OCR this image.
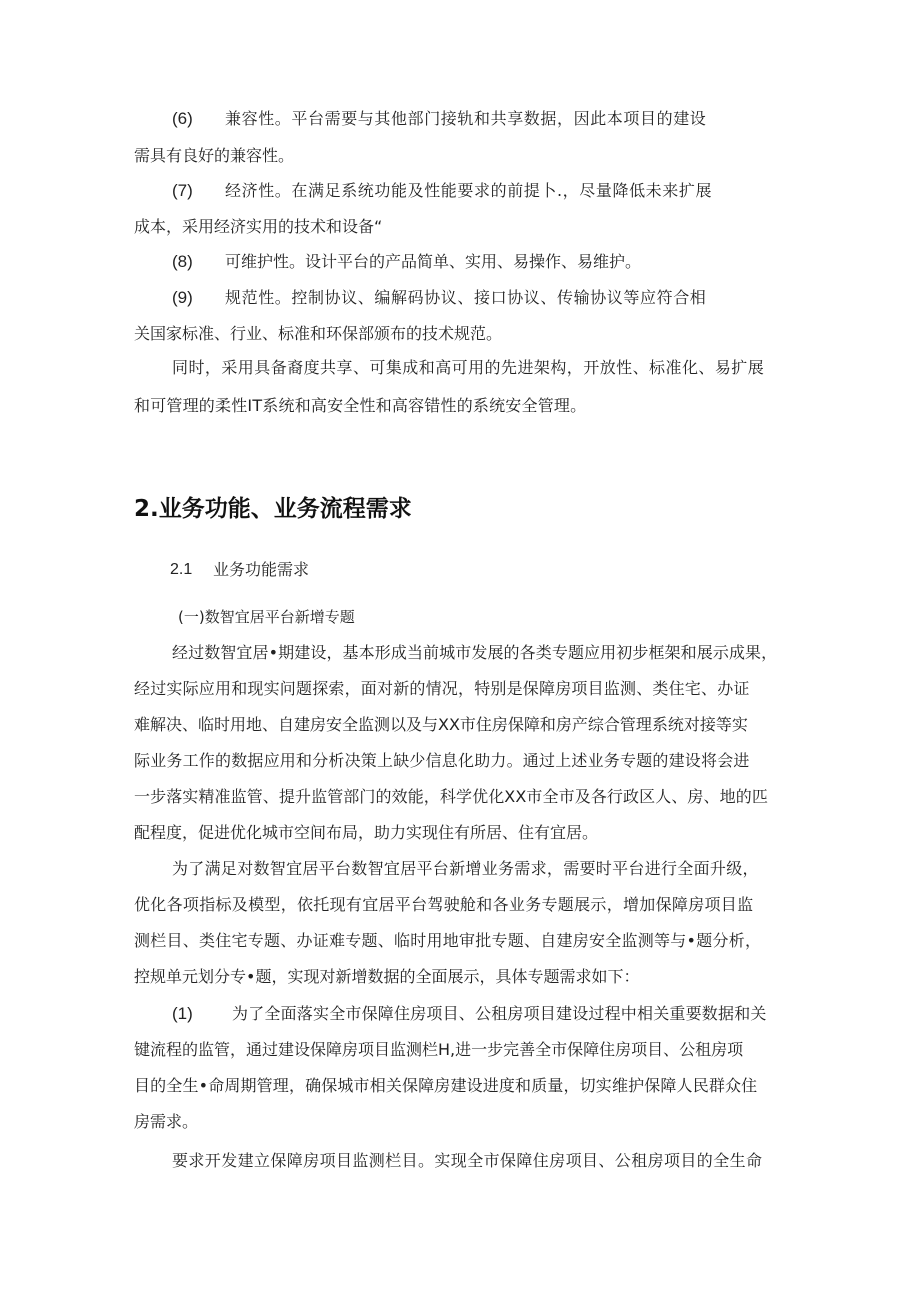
(6) 兼容性。平台需要与其他部门接轨和共享数据，因此本项目的建设

需具有良好的兼容性。

(7) 经济性。在满足系统功能及性能要求的前提卜.，尽量降低未来扩展

成本，采用经济实用的技术和设备“

(8) 可维护性。设计平台的产品简单、实用、易操作、易维护。

(9) 规范性。控制协议、编解码协议、接口协议、传输协议等应符合相

关国家标准、行业、标准和环保部颁布的技术规范。

同时，采用具备裔度共享、可集成和高可用的先进架构，开放性、标准化、易扩展

和可管理的柔性IT系统和高安全性和高容错性的系统安全管理。

2.业务功能、业务流程需求
2.1 业务功能需求
(一)数智宜居平台新增专题

经过数智宜居•期建设，基本形成当前城市发展的各类专题应用初步框架和展示成果，

经过实际应用和现实问题探索，面对新的情况，特别是保障房项目监测、类住宅、办证

难解决、临时用地、自建房安全监测以及与XX市住房保障和房产综合管理系统对接等实

际业务工作的数据应用和分析决策上缺少信息化助力。通过上述业务专题的建设将会进

一步落实精准监管、提升监管部门的效能，科学优化XX市全市及各行政区人、房、地的匹

配程度，促进优化城市空间布局，助力实现住有所居、住有宜居。

为了满足对数智宜居平台数智宜居平台新增业务需求，需要时平台进行全面升级，

优化各项指标及模型，依托现有宜居平台驾驶舱和各业务专题展示，增加保障房项目监

测栏目、类住宅专题、办证难专题、临时用地审批专题、自建房安全监测等与•题分析，

控规单元划分专•题，实现对新增数据的全面展示，具体专题需求如下：

(1) 为了全面落实全市保障住房项目、公租房项目建设过程中相关重要数据和关

键流程的监管，通过建设保障房项目监测栏H,进一步完善全市保障住房项目、公租房项

目的全生•命周期管理，确保城市相关保障房建设进度和质量，切实维护保障人民群众住

房需求。

要求开发建立保障房项目监测栏目。实现全市保障住房项目、公租房项目的全生命
